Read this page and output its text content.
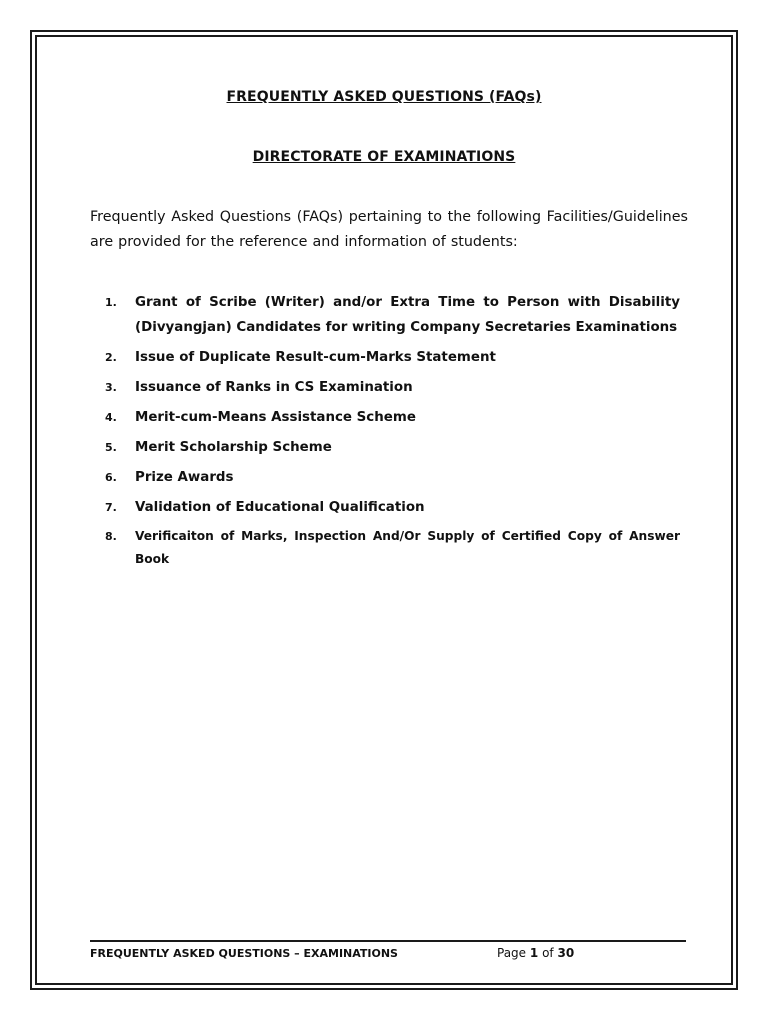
FREQUENTLY ASKED QUESTIONS (FAQs)
DIRECTORATE OF EXAMINATIONS
Frequently Asked Questions (FAQs) pertaining to the following Facilities/Guidelines are provided for the reference and information of students:
1. Grant of Scribe (Writer) and/or Extra Time to Person with Disability (Divyangjan) Candidates for writing Company Secretaries Examinations
2. Issue of Duplicate Result-cum-Marks Statement
3. Issuance of Ranks in CS Examination
4. Merit-cum-Means Assistance Scheme
5. Merit Scholarship Scheme
6. Prize Awards
7. Validation of Educational Qualification
8. Verificaiton of Marks, Inspection And/Or Supply of Certified Copy of Answer Book
FREQUENTLY ASKED QUESTIONS – EXAMINATIONS	Page 1 of 30
